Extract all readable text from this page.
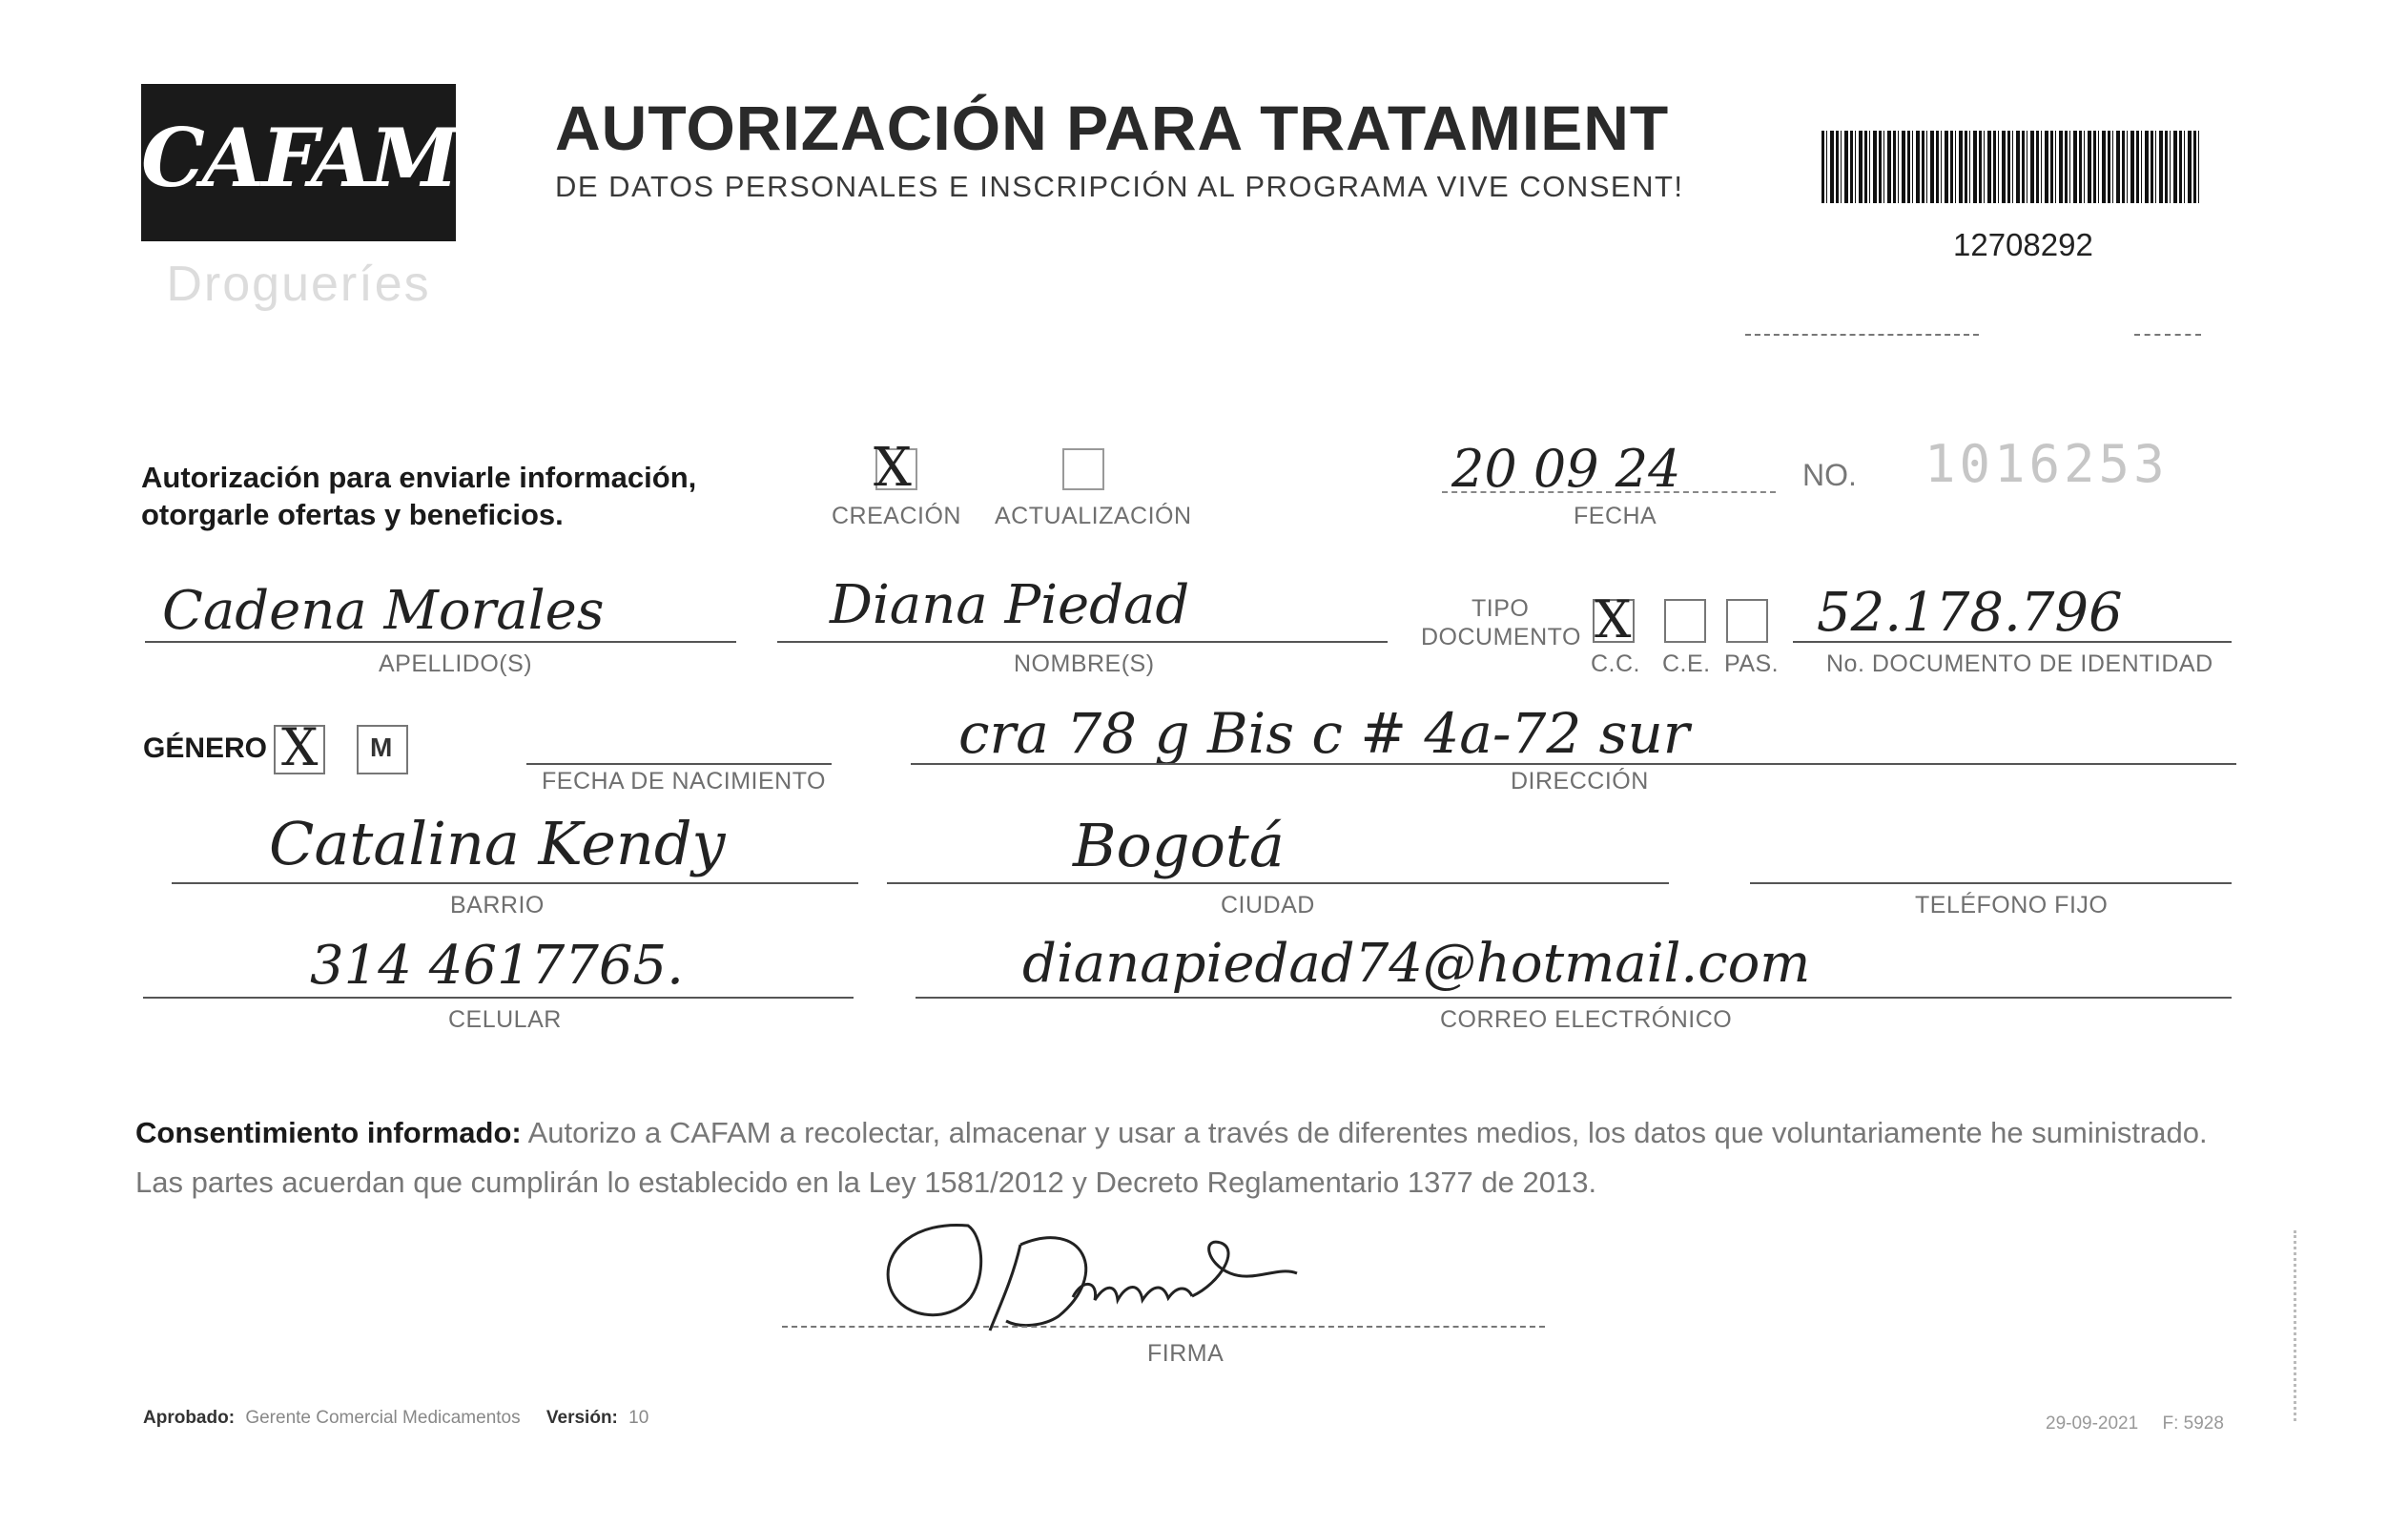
CAFAM
Drogueríes
AUTORIZACIÓN PARA TRATAMIENT
DE DATOS PERSONALES E INSCRIPCIÓN AL PROGRAMA VIVE CONSENT!
12708292
Autorización para enviarle información,
otorgarle ofertas y beneficios.
X
CREACIÓN ACTUALIZACIÓN
20 09 24
FECHA
NO. 1016253
Cadena Morales
APELLIDO(S)
Diana Piedad
NOMBRE(S)
TIPO
DOCUMENTO X
C.C. C.E. PAS.
52.178.796
No. DOCUMENTO DE IDENTIDAD
GÉNERO X M
FECHA DE NACIMIENTO
cra 78 g Bis c # 4a-72 sur
DIRECCIÓN
Catalina Kendy
BARRIO
Bogotá
CIUDAD	TELÉFONO FIJO
314 4617765.
CELULAR
dianapiedad74@hotmail.com
CORREO ELECTRÓNICO
Consentimiento informado: Autorizo a CAFAM a recolectar, almacenar y usar a través de diferentes medios, los datos que voluntariamente he suministrado.
Las partes acuerdan que cumplirán lo establecido en la Ley 1581/2012 y Decreto Reglamentario 1377 de 2013.
FIRMA
Aprobado: Gerente Comercial Medicamentos Versión: 10	29-09-2021 F: 5928
